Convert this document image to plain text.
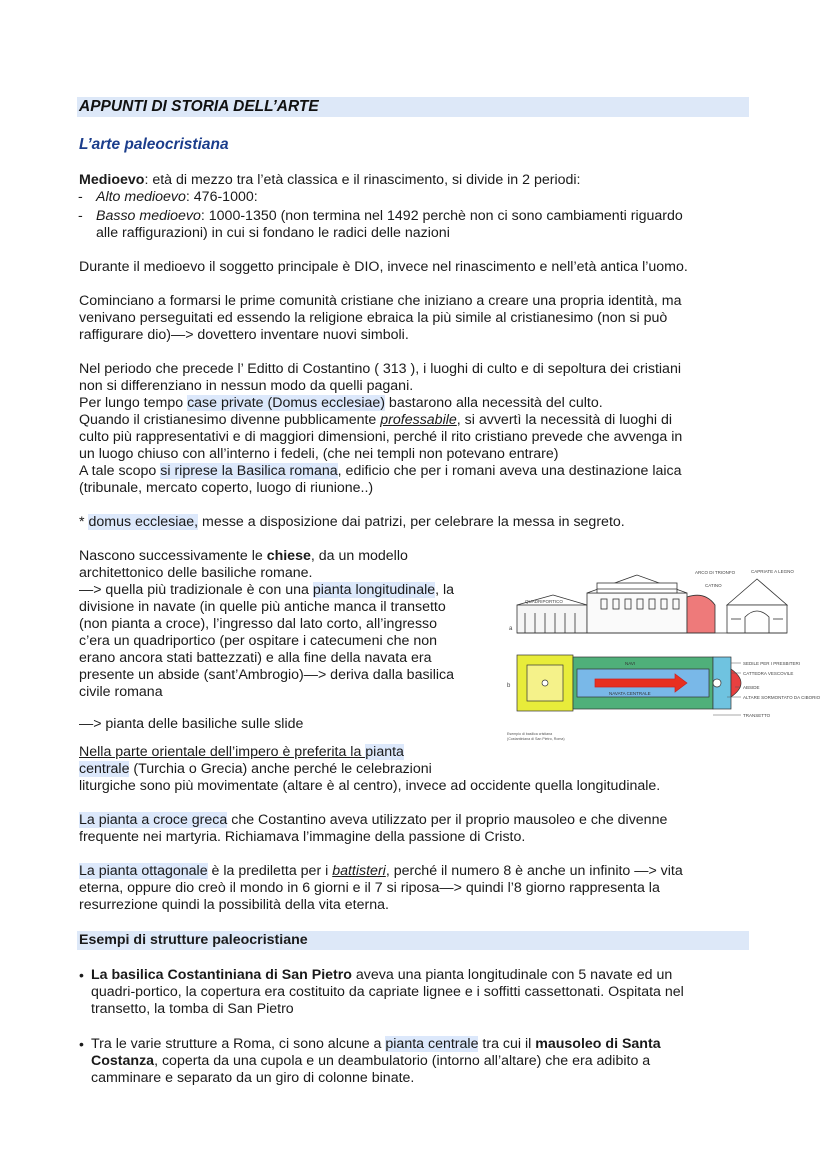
APPUNTI DI STORIA DELL’ARTE
L’arte paleocristiana
Medioevo: età di mezzo tra l’età classica e il rinascimento, si divide in 2 periodi:
- Alto medioevo: 476-1000:
- Basso medioevo: 1000-1350 (non termina nel 1492 perchè non ci sono cambiamenti riguardo
alle raffigurazioni) in cui si fondano le radici delle nazioni
Durante il medioevo il soggetto principale è DIO, invece nel rinascimento e nell’età antica l’uomo.
Cominciano a formarsi le prime comunità cristiane che iniziano a creare una propria identità, ma
venivano perseguitati ed essendo la religione ebraica la più simile al cristianesimo (non si può
raffigurare dio)—> dovettero inventare nuovi simboli.
Nel periodo che precede l’ Editto di Costantino ( 313 ), i luoghi di culto e di sepoltura dei cristiani
non si differenziano in nessun modo da quelli pagani.
Per lungo tempo case private (Domus ecclesiae) bastarono alla necessità del culto.
Quando il cristianesimo divenne pubblicamente professabile, si avvertì la necessità di luoghi di
culto più rappresentativi e di maggiori dimensioni, perché il rito cristiano prevede che avvenga in
un luogo chiuso con all’interno i fedeli, (che nei templi non potevano entrare)
A tale scopo si riprese la Basilica romana, edificio che per i romani aveva una destinazione laica
(tribunale, mercato coperto, luogo di riunione..)
* domus ecclesiae, messe a disposizione dai patrizi, per celebrare la messa in segreto.
Nascono successivamente le chiese, da un modello
architettonico delle basiliche romane.
—> quella più tradizionale è con una pianta longitudinale, la
divisione in navate (in quelle più antiche manca il transetto
(non pianta a croce), l’ingresso dal lato corto, all’ingresso
c’era un quadriportico (per ospitare i catecumeni che non
erano ancora stati battezzati) e alla fine della navata era
presente un abside (sant’Ambrogio)—> deriva dalla basilica
civile romana
—> pianta delle basiliche sulle slide
a
QUADRIPORTICO
ARCO DI TRIONFO	CAPRIATE A LEGNO
CATINO
b
NAVI
NAVATA CENTRALE
SEDILE PER I PRESBITERI
CATTEDRA VESCOVILE
ABSIDE
ALTARE SORMONTATO DA CIBORIO
TRANSETTO
Esempio di basilica cristiana
(Costantiniana di San Pietro, Roma)
Nella parte orientale dell’impero è preferita la pianta
centrale (Turchia o Grecia) anche perché le celebrazioni
liturgiche sono più movimentate (altare è al centro), invece ad occidente quella longitudinale.
La pianta a croce greca che Costantino aveva utilizzato per il proprio mausoleo e che divenne
frequente nei martyria. Richiamava l’immagine della passione di Cristo.
La pianta ottagonale è la prediletta per i battisteri, perché il numero 8 è anche un infinito —> vita
eterna, oppure dio creò il mondo in 6 giorni e il 7 si riposa—> quindi l’8 giorno rappresenta la
resurrezione quindi la possibilità della vita eterna.
Esempi di strutture paleocristiane
• La basilica Costantiniana di San Pietro aveva una pianta longitudinale con 5 navate ed un
quadri-portico, la copertura era costituito da capriate lignee e i soffitti cassettonati. Ospitata nel
transetto, la tomba di San Pietro
• Tra le varie strutture a Roma, ci sono alcune a pianta centrale tra cui il mausoleo di Santa
Costanza, coperta da una cupola e un deambulatorio (intorno all’altare) che era adibito a
camminare e separato da un giro di colonne binate.
